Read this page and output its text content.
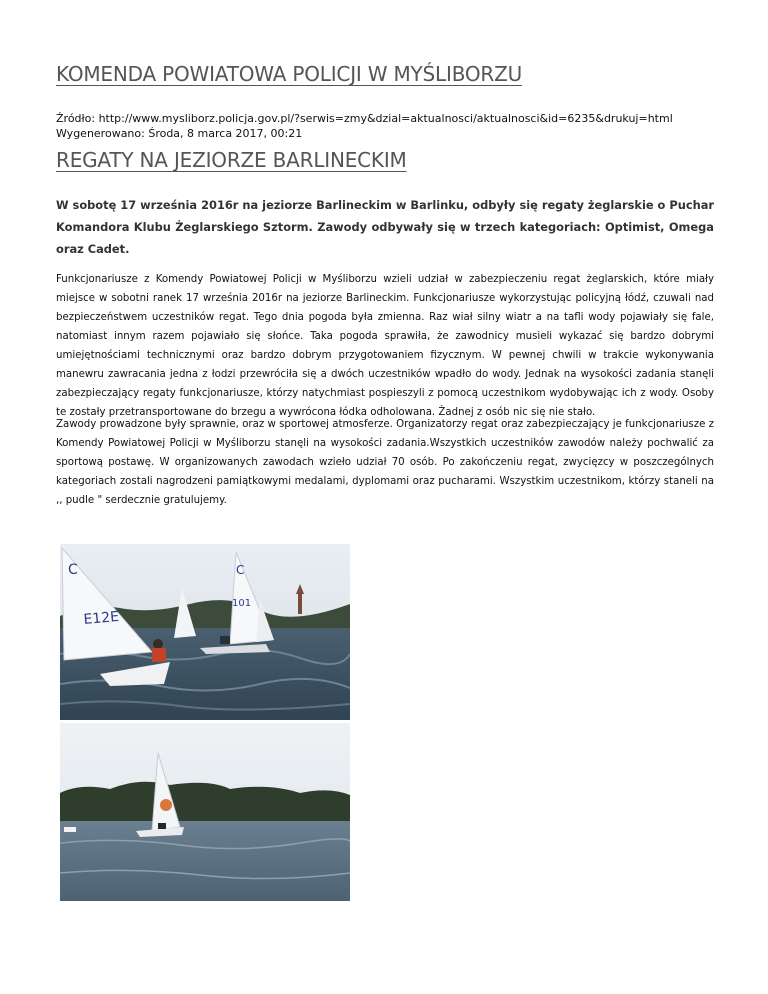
KOMENDA POWIATOWA POLICJI W MYŚLIBORZU
Źródło: http://www.mysliborz.policja.gov.pl/?serwis=zmy&dzial=aktualnosci/aktualnosci&id=6235&drukuj=html
Wygenerowano: Środa, 8 marca 2017, 00:21
REGATY NA JEZIORZE BARLINECKIM

W sobotę 17 września 2016r na jeziorze Barlineckim w Barlinku, odbyły się regaty żeglarskie o Puchar Komandora Klubu Żeglarskiego Sztorm. Zawody odbywały się w trzech kategoriach: Optimist, Omega oraz Cadet.

Funkcjonariusze z Komendy Powiatowej Policji w Myśliborzu wzieli udział w zabezpieczeniu regat żeglarskich, które miały miejsce w sobotni ranek 17 września 2016r na jeziorze Barlineckim. Funkcjonariusze wykorzystując policyjną łódź, czuwali nad bezpieczeństwem uczestników regat. Tego dnia pogoda była zmienna. Raz wiał silny wiatr a na tafli wody pojawiały się fale, natomiast innym razem pojawiało się słońce. Taka pogoda sprawiła, że zawodnicy musieli wykazać się bardzo dobrymi umiejętnościami technicznymi oraz bardzo dobrym przygotowaniem fizycznym. W pewnej chwili w trakcie wykonywania manewru zawracania jedna z łodzi przewróciła się a dwóch uczestników wpadło do wody. Jednak na wysokości zadania stanęli zabezpieczający regaty funkcjonariusze, którzy natychmiast pospieszyli z pomocą uczestnikom wydobywając ich z wody. Osoby te zostały przetransportowane do brzegu a wywrócona łódka odholowana. Żadnej z osób nic się nie stało.

Zawody prowadzone były sprawnie, oraz w sportowej atmosferze. Organizatorzy regat oraz zabezpieczający je funkcjonariusze z Komendy Powiatowej Policji w Myśliborzu stanęli na wysokości zadania.Wszystkich uczestników zawodów należy pochwalić za sportową postawę. W organizowanych zawodach wzieło udział 70 osób. Po zakończeniu regat, zwycięzcy w poszczególnych kategoriach zostali nagrodzeni pamiątkowymi medalami, dyplomami oraz pucharami. Wszystkim uczestnikom, którzy staneli na ,, pudle " serdecznie gratulujemy.

E12E
C
101
C
